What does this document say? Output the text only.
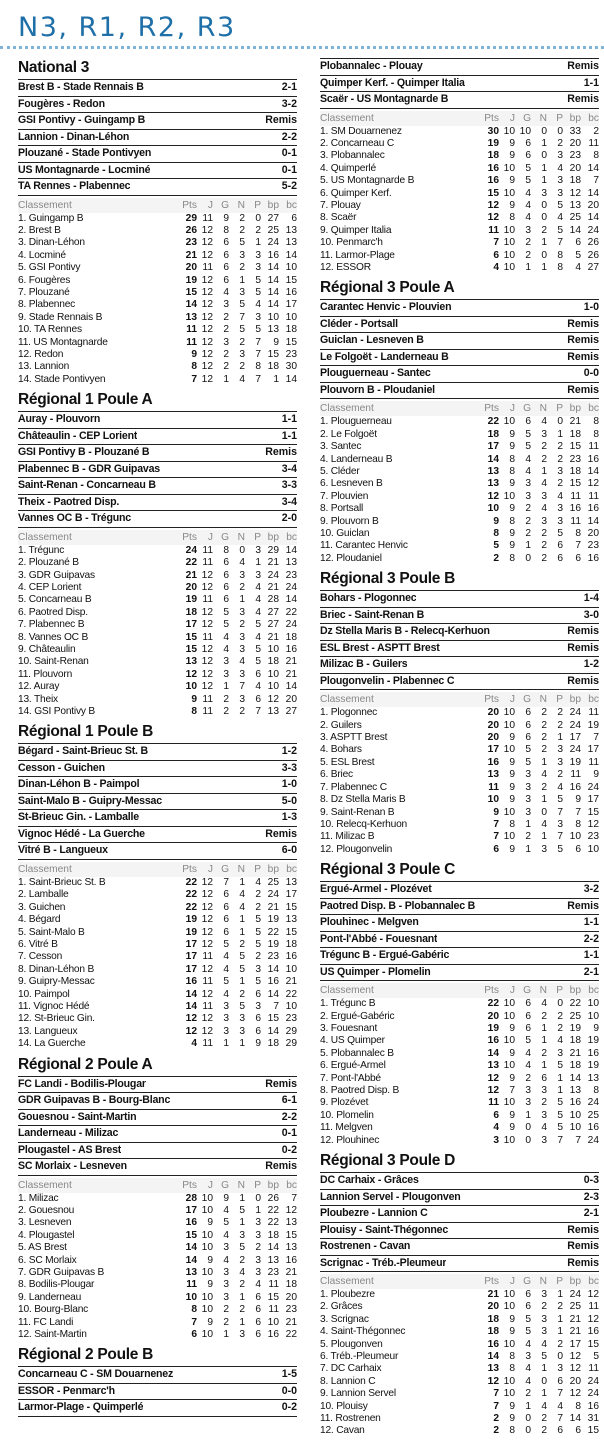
N3, R1, R2, R3
National 3
Brest B - Stade Rennais B	2-1
Fougères - Redon	3-2
GSI Pontivy - Guingamp B	Remis
Lannion - Dinan-Léhon	2-2
Plouzané - Stade Pontivyen	0-1
US Montagnarde - Locminé	0-1
TA Rennes - Plabennec	5-2
Classement	Pts	J	G	N	P	bp	bc
1. Guingamp B	29	11	9	2	0	27	6
2. Brest B	26	12	8	2	2	25	13
3. Dinan-Léhon	23	12	6	5	1	24	13
4. Locminé	21	12	6	3	3	16	14
5. GSI Pontivy	20	11	6	2	3	14	10
6. Fougères	19	12	6	1	5	14	15
7. Plouzané	15	12	4	3	5	14	16
8. Plabennec	14	12	3	5	4	14	17
9. Stade Rennais B	13	12	2	7	3	10	10
10. TA Rennes	11	12	2	5	5	13	18
11. US Montagnarde	11	12	3	2	7	9	15
12. Redon	9	12	2	3	7	15	23
13. Lannion	8	12	2	2	8	18	30
14. Stade Pontivyen	7	12	1	4	7	1	14
Régional 1 Poule A
Auray - Plouvorn	1-1
Châteaulin - CEP Lorient	1-1
GSI Pontivy B - Plouzané B	Remis
Plabennec B - GDR Guipavas	3-4
Saint-Renan - Concarneau B	3-3
Theix - Paotred Disp.	3-4
Vannes OC B - Trégunc	2-0
Classement	Pts	J	G	N	P	bp	bc
1. Trégunc	24	11	8	0	3	29	14
2. Plouzané B	22	11	6	4	1	21	13
3. GDR Guipavas	21	12	6	3	3	24	23
4. CEP Lorient	20	12	6	2	4	21	24
5. Concarneau B	19	11	6	1	4	28	14
6. Paotred Disp.	18	12	5	3	4	27	22
7. Plabennec B	17	12	5	2	5	27	24
8. Vannes OC B	15	11	4	3	4	21	18
9. Châteaulin	15	12	4	3	5	10	16
10. Saint-Renan	13	12	3	4	5	18	21
11. Plouvorn	12	12	3	3	6	10	21
12. Auray	10	12	1	7	4	10	14
13. Theix	9	11	2	3	6	12	20
14. GSI Pontivy B	8	11	2	2	7	13	27
Régional 1 Poule B
Bégard - Saint-Brieuc St. B	1-2
Cesson - Guichen	3-3
Dinan-Léhon B - Paimpol	1-0
Saint-Malo B - Guipry-Messac	5-0
St-Brieuc Gin. - Lamballe	1-3
Vignoc Hédé - La Guerche	Remis
Vitré B - Langueux	6-0
Classement	Pts	J	G	N	P	bp	bc
1. Saint-Brieuc St. B	22	12	7	1	4	25	13
2. Lamballe	22	12	6	4	2	24	17
3. Guichen	22	12	6	4	2	21	15
4. Bégard	19	12	6	1	5	19	13
5. Saint-Malo B	19	12	6	1	5	22	15
6. Vitré B	17	12	5	2	5	19	18
7. Cesson	17	11	4	5	2	23	16
8. Dinan-Léhon B	17	12	4	5	3	14	10
9. Guipry-Messac	16	11	5	1	5	16	21
10. Paimpol	14	12	4	2	6	14	22
11. Vignoc Hédé	14	11	3	5	3	7	10
12. St-Brieuc Gin.	12	12	3	3	6	15	23
13. Langueux	12	12	3	3	6	14	29
14. La Guerche	4	11	1	1	9	18	29
Régional 2 Poule A
FC Landi - Bodilis-Plougar	Remis
GDR Guipavas B - Bourg-Blanc	6-1
Gouesnou - Saint-Martin	2-2
Landerneau - Milizac	0-1
Plougastel - AS Brest	0-2
SC Morlaix - Lesneven	Remis
Classement	Pts	J	G	N	P	bp	bc
1. Milizac	28	10	9	1	0	26	7
2. Gouesnou	17	10	4	5	1	22	12
3. Lesneven	16	9	5	1	3	22	13
4. Plougastel	15	10	4	3	3	18	15
5. AS Brest	14	10	3	5	2	14	13
6. SC Morlaix	14	9	4	2	3	13	16
7. GDR Guipavas B	13	10	3	4	3	23	21
8. Bodilis-Plougar	11	9	3	2	4	11	18
9. Landerneau	10	10	3	1	6	15	20
10. Bourg-Blanc	8	10	2	2	6	11	23
11. FC Landi	7	9	2	1	6	10	21
12. Saint-Martin	6	10	1	3	6	16	22
Régional 2 Poule B
Concarneau C - SM Douarnenez	1-5
ESSOR - Penmarc'h	0-0
Larmor-Plage - Quimperlé	0-2
Plobannalec - Plouay	Remis
Quimper Kerf. - Quimper Italia	1-1
Scaër - US Montagnarde B	Remis
Classement	Pts	J	G	N	P	bp	bc
1. SM Douarnenez	30	10	10	0	0	33	2
2. Concarneau C	19	9	6	1	2	20	11
3. Plobannalec	18	9	6	0	3	23	8
4. Quimperlé	16	10	5	1	4	20	14
5. US Montagnarde B	16	9	5	1	3	18	7
6. Quimper Kerf.	15	10	4	3	3	12	14
7. Plouay	12	9	4	0	5	13	20
8. Scaër	12	8	4	0	4	25	14
9. Quimper Italia	11	10	3	2	5	14	24
10. Penmarc'h	7	10	2	1	7	6	26
11. Larmor-Plage	6	10	2	0	8	5	26
12. ESSOR	4	10	1	1	8	4	27
Régional 3 Poule A
Carantec Henvic - Plouvien	1-0
Cléder - Portsall	Remis
Guiclan - Lesneven B	Remis
Le Folgoët - Landerneau B	Remis
Plouguerneau - Santec	0-0
Plouvorn B - Ploudaniel	Remis
Classement	Pts	J	G	N	P	bp	bc
1. Plouguerneau	22	10	6	4	0	21	8
2. Le Folgoët	18	9	5	3	1	18	8
3. Santec	17	9	5	2	2	15	11
4. Landerneau B	14	8	4	2	2	23	16
5. Cléder	13	8	4	1	3	18	14
6. Lesneven B	13	9	3	4	2	15	12
7. Plouvien	12	10	3	3	4	11	11
8. Portsall	10	9	2	4	3	16	16
9. Plouvorn B	9	8	2	3	3	11	14
10. Guiclan	8	9	2	2	5	8	20
11. Carantec Henvic	5	9	1	2	6	7	23
12. Ploudaniel	2	8	0	2	6	6	16
Régional 3 Poule B
Bohars - Plogonnec	1-4
Briec - Saint-Renan B	3-0
Dz Stella Maris B - Relecq-Kerhuon	Remis
ESL Brest - ASPTT Brest	Remis
Milizac B - Guilers	1-2
Plougonvelin - Plabennec C	Remis
Classement	Pts	J	G	N	P	bp	bc
1. Plogonnec	20	10	6	2	2	24	11
2. Guilers	20	10	6	2	2	24	19
3. ASPTT Brest	20	9	6	2	1	17	7
4. Bohars	17	10	5	2	3	24	17
5. ESL Brest	16	9	5	1	3	19	11
6. Briec	13	9	3	4	2	11	9
7. Plabennec C	11	9	3	2	4	16	24
8. Dz Stella Maris B	10	9	3	1	5	9	17
9. Saint-Renan B	9	10	3	0	7	7	15
10. Relecq-Kerhuon	7	8	1	4	3	8	12
11. Milizac B	7	10	2	1	7	10	23
12. Plougonvelin	6	9	1	3	5	6	10
Régional 3 Poule C
Ergué-Armel - Plozévet	3-2
Paotred Disp. B - Plobannalec B	Remis
Plouhinec - Melgven	1-1
Pont-l'Abbé - Fouesnant	2-2
Trégunc B - Ergué-Gabéric	1-1
US Quimper - Plomelin	2-1
Classement	Pts	J	G	N	P	bp	bc
1. Trégunc B	22	10	6	4	0	22	10
2. Ergué-Gabéric	20	10	6	2	2	25	10
3. Fouesnant	19	9	6	1	2	19	9
4. US Quimper	16	10	5	1	4	18	19
5. Plobannalec B	14	9	4	2	3	21	16
6. Ergué-Armel	13	10	4	1	5	18	19
7. Pont-l'Abbé	12	9	2	6	1	14	13
8. Paotred Disp. B	12	7	3	3	1	13	8
9. Plozévet	11	10	3	2	5	16	24
10. Plomelin	6	9	1	3	5	10	25
11. Melgven	4	9	0	4	5	10	16
12. Plouhinec	3	10	0	3	7	7	24
Régional 3 Poule D
DC Carhaix - Grâces	0-3
Lannion Servel - Plougonven	2-3
Ploubezre - Lannion C	2-1
Plouisy - Saint-Thégonnec	Remis
Rostrenen - Cavan	Remis
Scrignac - Tréb.-Pleumeur	Remis
Classement	Pts	J	G	N	P	bp	bc
1. Ploubezre	21	10	6	3	1	24	12
2. Grâces	20	10	6	2	2	25	11
3. Scrignac	18	9	5	3	1	21	12
4. Saint-Thégonnec	18	9	5	3	1	21	16
5. Plougonven	16	10	4	4	2	17	15
6. Tréb.-Pleumeur	14	8	3	5	0	12	5
7. DC Carhaix	13	8	4	1	3	12	11
8. Lannion C	12	10	4	0	6	20	24
9. Lannion Servel	7	10	2	1	7	12	24
10. Plouisy	7	9	1	4	4	8	16
11. Rostrenen	2	9	0	2	7	14	31
12. Cavan	2	8	0	2	6	6	15
